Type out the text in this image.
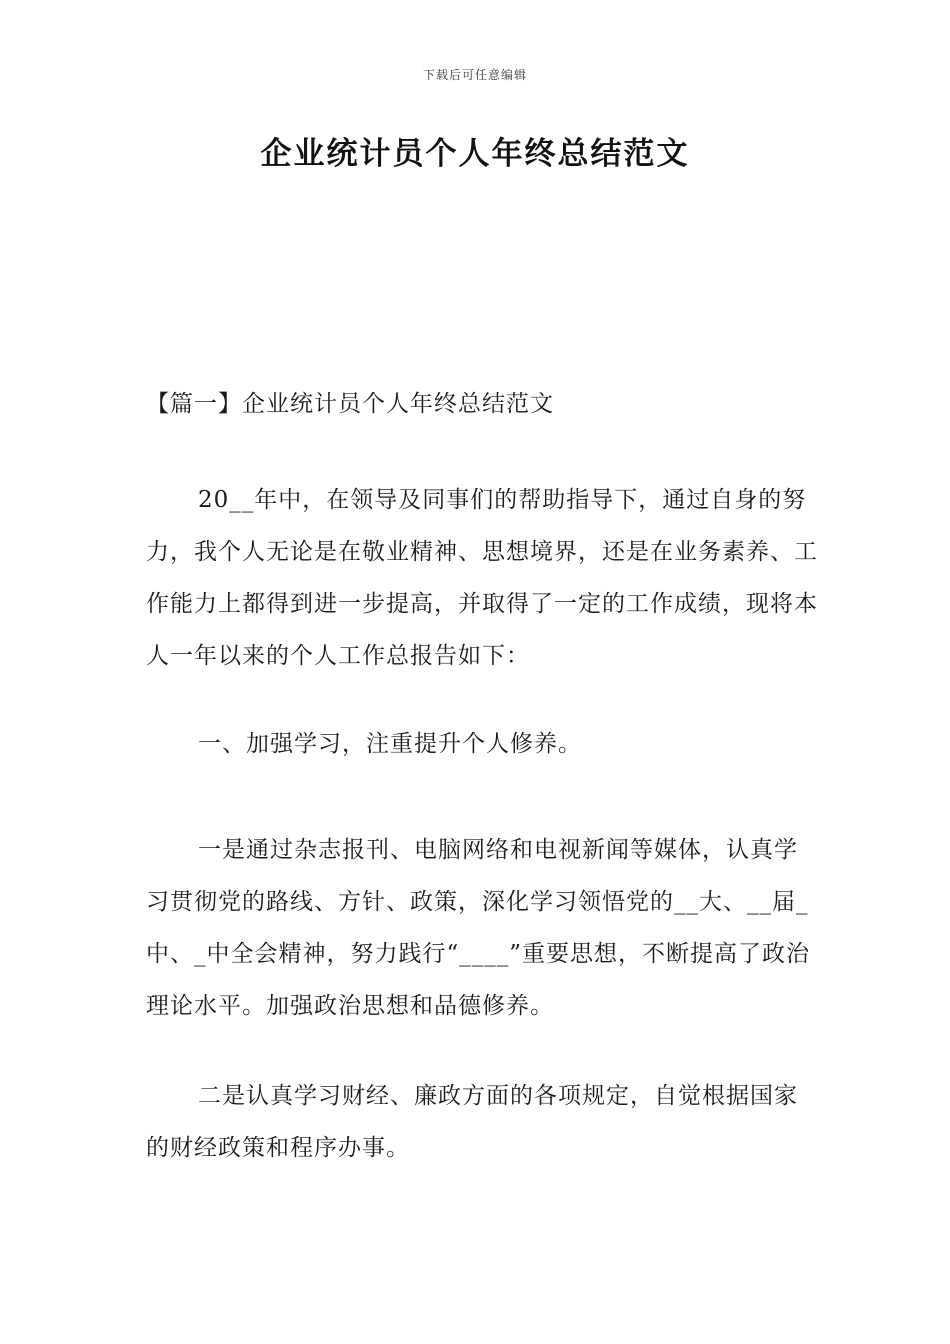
下载后可任意编辑
企业统计员个人年终总结范文
【篇一】企业统计员个人年终总结范文
20__年中，在领导及同事们的帮助指导下，通过自身的努力，我个人无论是在敬业精神、思想境界，还是在业务素养、工作能力上都得到进一步提高，并取得了一定的工作成绩，现将本人一年以来的个人工作总报告如下：
一、加强学习，注重提升个人修养。
一是通过杂志报刊、电脑网络和电视新闻等媒体，认真学习贯彻党的路线、方针、政策，深化学习领悟党的__大、__届_中、_中全会精神，努力践行“____”重要思想，不断提高了政治理论水平。加强政治思想和品德修养。
二是认真学习财经、廉政方面的各项规定，自觉根据国家的财经政策和程序办事。
